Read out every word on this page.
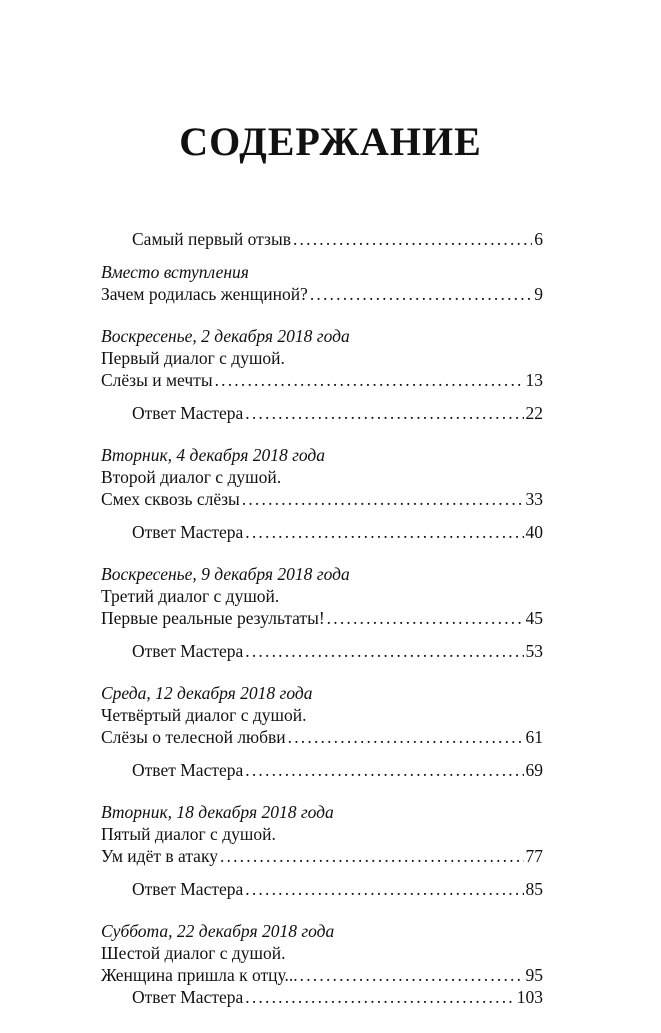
СОДЕРЖАНИЕ
Самый первый отзыв .....	6
Вместо вступления
Зачем родилась женщиной? .....	9
Воскресенье, 2 декабря 2018 года
Первый диалог с душой.
Слёзы и мечты .....	13
Ответ Мастера .....	22
Вторник, 4 декабря 2018 года
Второй диалог с душой.
Смех сквозь слёзы .....	33
Ответ Мастера .....	40
Воскресенье, 9 декабря 2018 года
Третий диалог с душой.
Первые реальные результаты! .....	45
Ответ Мастера .....	53
Среда, 12 декабря 2018 года
Четвёртый диалог с душой.
Слёзы о телесной любви .....	61
Ответ Мастера .....	69
Вторник, 18 декабря 2018 года
Пятый диалог с душой.
Ум идёт в атаку .....	77
Ответ Мастера .....	85
Суббота, 22 декабря 2018 года
Шестой диалог с душой.
Женщина пришла к отцу... .....	95
Ответ Мастера .....	103
